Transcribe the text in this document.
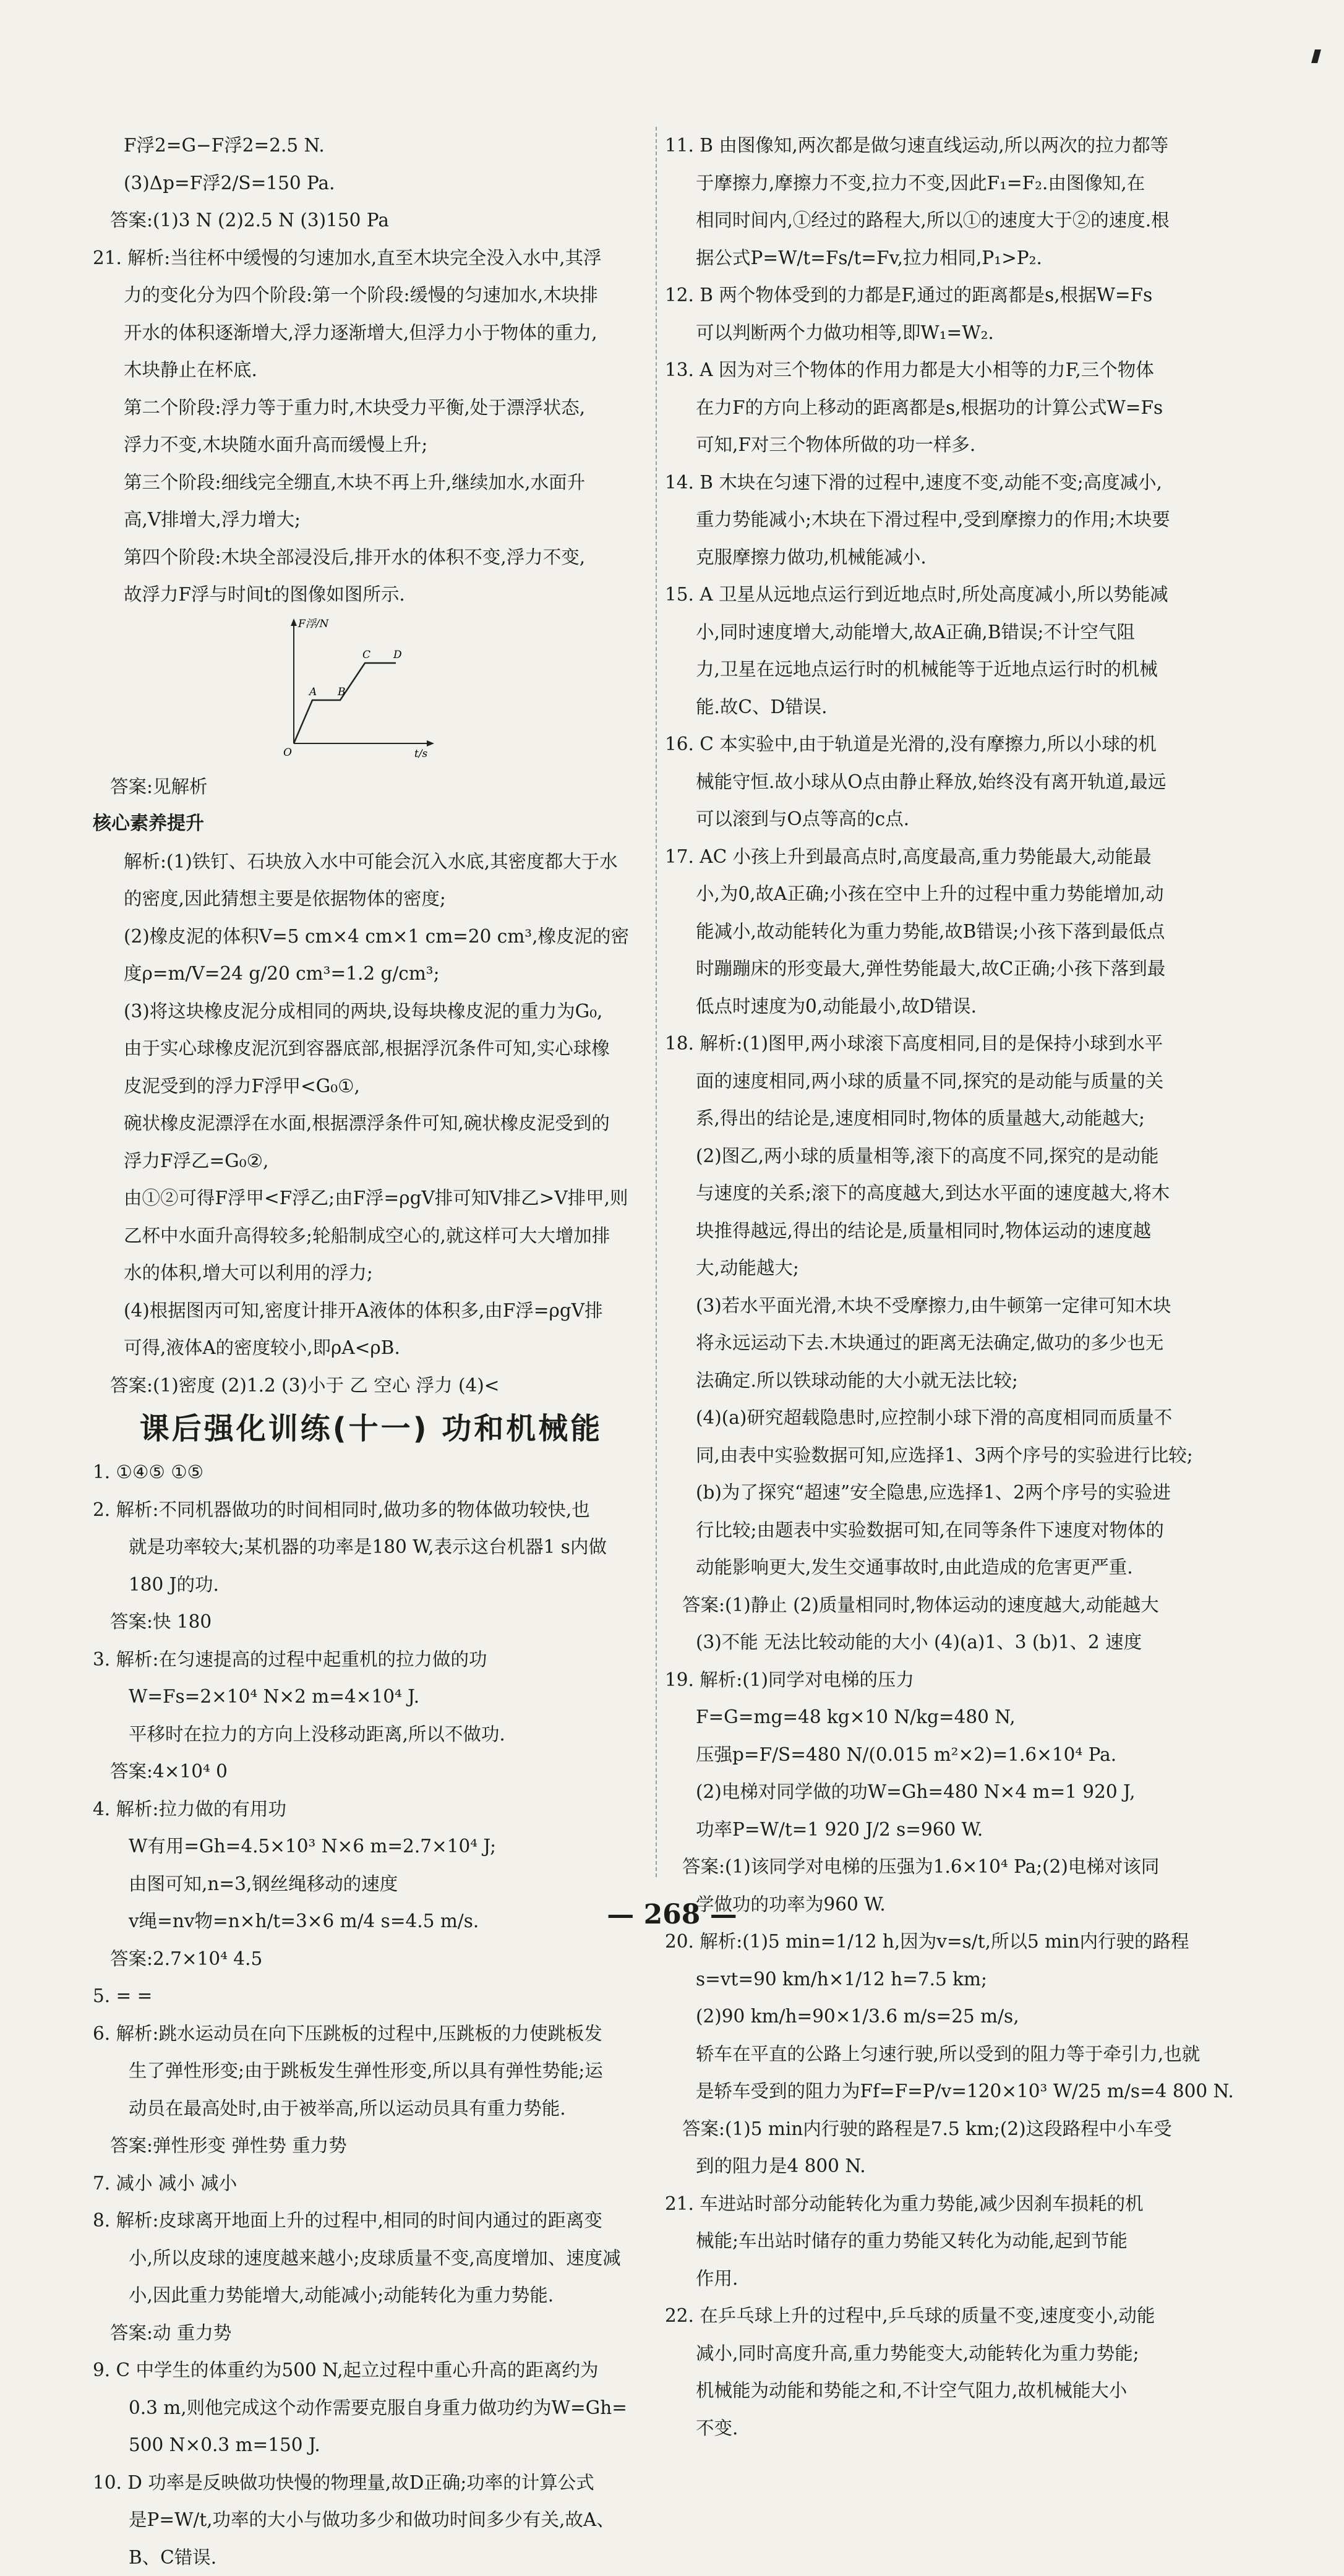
F浮2=G−F浮2=2.5 N.
(3)Δp=F浮2/S=150 Pa.
答案:(1)3 N (2)2.5 N (3)150 Pa
21. 解析:当往杯中缓慢的匀速加水,直至木块完全没入水中,其浮
力的变化分为四个阶段:第一个阶段:缓慢的匀速加水,木块排
开水的体积逐渐增大,浮力逐渐增大,但浮力小于物体的重力,
木块静止在杯底.
第二个阶段:浮力等于重力时,木块受力平衡,处于漂浮状态,
浮力不变,木块随水面升高而缓慢上升;
第三个阶段:细线完全绷直,木块不再上升,继续加水,水面升
高,V排增大,浮力增大;
第四个阶段:木块全部浸没后,排开水的体积不变,浮力不变,
故浮力F浮与时间t的图像如图所示.
F浮/N
t/s
O
A B
C D
答案:见解析
核心素养提升
解析:(1)铁钉、石块放入水中可能会沉入水底,其密度都大于水
的密度,因此猜想主要是依据物体的密度;
(2)橡皮泥的体积V=5 cm×4 cm×1 cm=20 cm³,橡皮泥的密
度ρ=m/V=24 g/20 cm³=1.2 g/cm³;
(3)将这块橡皮泥分成相同的两块,设每块橡皮泥的重力为G₀,
由于实心球橡皮泥沉到容器底部,根据浮沉条件可知,实心球橡
皮泥受到的浮力F浮甲<G₀①,
碗状橡皮泥漂浮在水面,根据漂浮条件可知,碗状橡皮泥受到的
浮力F浮乙=G₀②,
由①②可得F浮甲<F浮乙;由F浮=ρgV排可知V排乙>V排甲,则
乙杯中水面升高得较多;轮船制成空心的,就这样可大大增加排
水的体积,增大可以利用的浮力;
(4)根据图丙可知,密度计排开A液体的体积多,由F浮=ρgV排
可得,液体A的密度较小,即ρA<ρB.
答案:(1)密度 (2)1.2 (3)小于 乙 空心 浮力 (4)<
课后强化训练(十一) 功和机械能
1. ①④⑤ ①⑤
2. 解析:不同机器做功的时间相同时,做功多的物体做功较快,也
就是功率较大;某机器的功率是180 W,表示这台机器1 s内做
180 J的功.
答案:快 180
3. 解析:在匀速提高的过程中起重机的拉力做的功
W=Fs=2×10⁴ N×2 m=4×10⁴ J.
平移时在拉力的方向上没移动距离,所以不做功.
答案:4×10⁴ 0
4. 解析:拉力做的有用功
W有用=Gh=4.5×10³ N×6 m=2.7×10⁴ J;
由图可知,n=3,钢丝绳移动的速度
v绳=nv物=n×h/t=3×6 m/4 s=4.5 m/s.
答案:2.7×10⁴ 4.5
5. = =
6. 解析:跳水运动员在向下压跳板的过程中,压跳板的力使跳板发
生了弹性形变;由于跳板发生弹性形变,所以具有弹性势能;运
动员在最高处时,由于被举高,所以运动员具有重力势能.
答案:弹性形变 弹性势 重力势
7. 减小 减小 减小
8. 解析:皮球离开地面上升的过程中,相同的时间内通过的距离变
小,所以皮球的速度越来越小;皮球质量不变,高度增加、速度减
小,因此重力势能增大,动能减小;动能转化为重力势能.
答案:动 重力势
9. C 中学生的体重约为500 N,起立过程中重心升高的距离约为
0.3 m,则他完成这个动作需要克服自身重力做功约为W=Gh=
500 N×0.3 m=150 J.
10. D 功率是反映做功快慢的物理量,故D正确;功率的计算公式
是P=W/t,功率的大小与做功多少和做功时间多少有关,故A、
B、C错误.
11. B 由图像知,两次都是做匀速直线运动,所以两次的拉力都等
于摩擦力,摩擦力不变,拉力不变,因此F₁=F₂.由图像知,在
相同时间内,①经过的路程大,所以①的速度大于②的速度.根
据公式P=W/t=Fs/t=Fv,拉力相同,P₁>P₂.
12. B 两个物体受到的力都是F,通过的距离都是s,根据W=Fs
可以判断两个力做功相等,即W₁=W₂.
13. A 因为对三个物体的作用力都是大小相等的力F,三个物体
在力F的方向上移动的距离都是s,根据功的计算公式W=Fs
可知,F对三个物体所做的功一样多.
14. B 木块在匀速下滑的过程中,速度不变,动能不变;高度减小,
重力势能减小;木块在下滑过程中,受到摩擦力的作用;木块要
克服摩擦力做功,机械能减小.
15. A 卫星从远地点运行到近地点时,所处高度减小,所以势能减
小,同时速度增大,动能增大,故A正确,B错误;不计空气阻
力,卫星在远地点运行时的机械能等于近地点运行时的机械
能.故C、D错误.
16. C 本实验中,由于轨道是光滑的,没有摩擦力,所以小球的机
械能守恒.故小球从O点由静止释放,始终没有离开轨道,最远
可以滚到与O点等高的c点.
17. AC 小孩上升到最高点时,高度最高,重力势能最大,动能最
小,为0,故A正确;小孩在空中上升的过程中重力势能增加,动
能减小,故动能转化为重力势能,故B错误;小孩下落到最低点
时蹦蹦床的形变最大,弹性势能最大,故C正确;小孩下落到最
低点时速度为0,动能最小,故D错误.
18. 解析:(1)图甲,两小球滚下高度相同,目的是保持小球到水平
面的速度相同,两小球的质量不同,探究的是动能与质量的关
系,得出的结论是,速度相同时,物体的质量越大,动能越大;
(2)图乙,两小球的质量相等,滚下的高度不同,探究的是动能
与速度的关系;滚下的高度越大,到达水平面的速度越大,将木
块推得越远,得出的结论是,质量相同时,物体运动的速度越
大,动能越大;
(3)若水平面光滑,木块不受摩擦力,由牛顿第一定律可知木块
将永远运动下去.木块通过的距离无法确定,做功的多少也无
法确定.所以铁球动能的大小就无法比较;
(4)(a)研究超载隐患时,应控制小球下滑的高度相同而质量不
同,由表中实验数据可知,应选择1、3两个序号的实验进行比较;
(b)为了探究“超速”安全隐患,应选择1、2两个序号的实验进
行比较;由题表中实验数据可知,在同等条件下速度对物体的
动能影响更大,发生交通事故时,由此造成的危害更严重.
答案:(1)静止 (2)质量相同时,物体运动的速度越大,动能越大
(3)不能 无法比较动能的大小 (4)(a)1、3 (b)1、2 速度
19. 解析:(1)同学对电梯的压力
F=G=mg=48 kg×10 N/kg=480 N,
压强p=F/S=480 N/(0.015 m²×2)=1.6×10⁴ Pa.
(2)电梯对同学做的功W=Gh=480 N×4 m=1 920 J,
功率P=W/t=1 920 J/2 s=960 W.
答案:(1)该同学对电梯的压强为1.6×10⁴ Pa;(2)电梯对该同
学做功的功率为960 W.
20. 解析:(1)5 min=1/12 h,因为v=s/t,所以5 min内行驶的路程
s=vt=90 km/h×1/12 h=7.5 km;
(2)90 km/h=90×1/3.6 m/s=25 m/s,
轿车在平直的公路上匀速行驶,所以受到的阻力等于牵引力,也就
是轿车受到的阻力为Ff=F=P/v=120×10³ W/25 m/s=4 800 N.
答案:(1)5 min内行驶的路程是7.5 km;(2)这段路程中小车受
到的阻力是4 800 N.
21. 车进站时部分动能转化为重力势能,减少因刹车损耗的机
械能;车出站时储存的重力势能又转化为动能,起到节能
作用.
22. 在乒乓球上升的过程中,乒乓球的质量不变,速度变小,动能
减小,同时高度升高,重力势能变大,动能转化为重力势能;
机械能为动能和势能之和,不计空气阻力,故机械能大小
不变.
— 268 —
